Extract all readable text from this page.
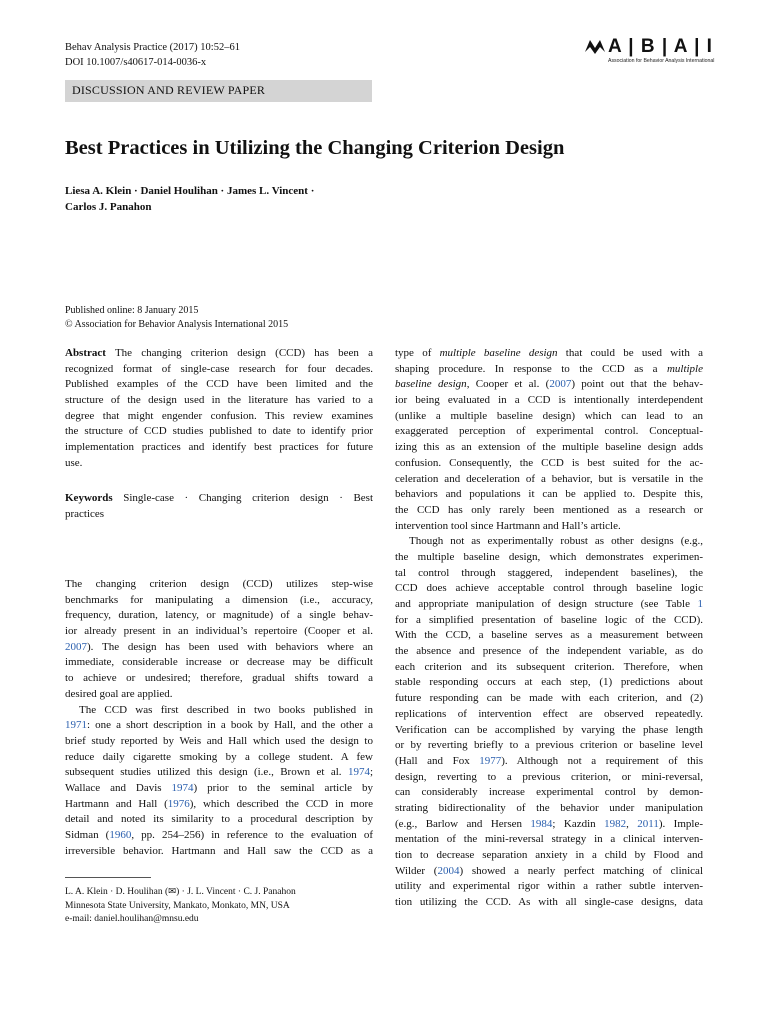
Behav Analysis Practice (2017) 10:52–61
DOI 10.1007/s40617-014-0036-x
A | B | A | I
Association for Behavior Analysis International
DISCUSSION AND REVIEW PAPER
Best Practices in Utilizing the Changing Criterion Design
Liesa A. Klein · Daniel Houlihan · James L. Vincent ·
Carlos J. Panahon
Published online: 8 January 2015
© Association for Behavior Analysis International 2015
Abstract The changing criterion design (CCD) has been a
recognized format of single-case research for four decades.
Published examples of the CCD have been limited and the
structure of the design used in the literature has varied to a
degree that might engender confusion. This review examines
the structure of CCD studies published to date to identify prior
implementation practices and identify best practices for future
use.
Keywords Single-case · Changing criterion design · Best
practices
The changing criterion design (CCD) utilizes step-wise
benchmarks for manipulating a dimension (i.e., accuracy,
frequency, duration, latency, or magnitude) of a single behav-
ior already present in an individual’s repertoire (Cooper et al.
2007). The design has been used with behaviors where an
immediate, considerable increase or decrease may be difficult
to achieve or undesired; therefore, gradual shifts toward a
desired goal are applied.
The CCD was first described in two books published in
1971: one a short description in a book by Hall, and the other a
brief study reported by Weis and Hall which used the design to
reduce daily cigarette smoking by a college student. A few
subsequent studies utilized this design (i.e., Brown et al. 1974;
Wallace and Davis 1974) prior to the seminal article by
Hartmann and Hall (1976), which described the CCD in more
detail and noted its similarity to a procedural description by
Sidman (1960, pp. 254–256) in reference to the evaluation of
irreversible behavior. Hartmann and Hall saw the CCD as a
type of multiple baseline design that could be used with a
shaping procedure. In response to the CCD as a multiple
baseline design, Cooper et al. (2007) point out that the behav-
ior being evaluated in a CCD is intentionally interdependent
(unlike a multiple baseline design) which can lead to an
exaggerated perception of experimental control. Conceptual-
izing this as an extension of the multiple baseline design adds
confusion. Consequently, the CCD is best suited for the ac-
celeration and deceleration of a behavior, but is versatile in the
behaviors and populations it can be applied to. Despite this,
the CCD has only rarely been mentioned as a research or
intervention tool since Hartmann and Hall’s article.
Though not as experimentally robust as other designs (e.g.,
the multiple baseline design, which demonstrates experimen-
tal control through staggered, independent baselines), the
CCD does achieve acceptable control through baseline logic
and appropriate manipulation of design structure (see Table 1
for a simplified presentation of baseline logic of the CCD).
With the CCD, a baseline serves as a measurement between
the absence and presence of the independent variable, as do
each criterion and its subsequent criterion. Therefore, when
stable responding occurs at each step, (1) predictions about
future responding can be made with each criterion, and (2)
replications of intervention effect are observed repeatedly.
Verification can be accomplished by varying the phase length
or by reverting briefly to a previous criterion or baseline level
(Hall and Fox 1977). Although not a requirement of this
design, reverting to a previous criterion, or mini-reversal,
can considerably increase experimental control by demon-
strating bidirectionality of the behavior under manipulation
(e.g., Barlow and Hersen 1984; Kazdin 1982, 2011). Imple-
mentation of the mini-reversal strategy in a clinical interven-
tion to decrease separation anxiety in a child by Flood and
Wilder (2004) showed a nearly perfect matching of clinical
utility and experimental rigor within a rather subtle interven-
tion utilizing the CCD. As with all single-case designs, data
L. A. Klein · D. Houlihan (✉) · J. L. Vincent · C. J. Panahon
Minnesota State University, Mankato, Monkato, MN, USA
e-mail: daniel.houlihan@mnsu.edu
